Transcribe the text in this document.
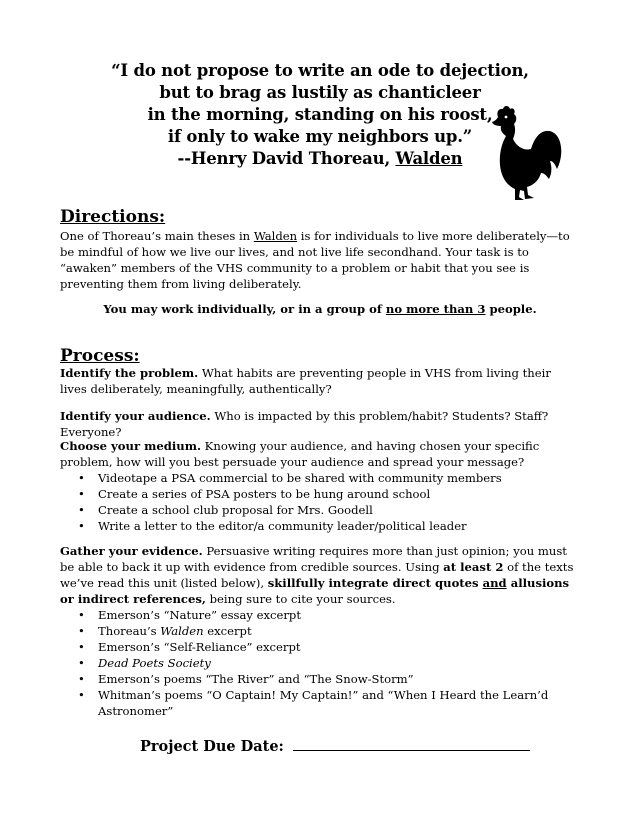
“I do not propose to write an ode to dejection,
but to brag as lustily as chanticleer
in the morning, standing on his roost,
if only to wake my neighbors up.”
--Henry David Thoreau, Walden
Directions:

One of Thoreau’s main theses in Walden is for individuals to live more deliberately—to be mindful of how we live our lives, and not live life secondhand. Your task is to “awaken” members of the VHS community to a problem or habit that you see is preventing them from living deliberately.

You may work individually, or in a group of no more than 3 people.
Process:

Identify the problem. What habits are preventing people in VHS from living their lives deliberately, meaningfully, authentically?

Identify your audience. Who is impacted by this problem/habit? Students? Staff? Everyone?

Choose your medium. Knowing your audience, and having chosen your specific problem, how will you best persuade your audience and spread your message?

• Videotape a PSA commercial to be shared with community members
• Create a series of PSA posters to be hung around school
• Create a school club proposal for Mrs. Goodell
• Write a letter to the editor/a community leader/political leader

Gather your evidence. Persuasive writing requires more than just opinion; you must be able to back it up with evidence from credible sources. Using at least 2 of the texts we’ve read this unit (listed below), skillfully integrate direct quotes and allusions or indirect references, being sure to cite your sources.

• Emerson’s “Nature” essay excerpt
• Thoreau’s Walden excerpt
• Emerson’s “Self-Reliance” excerpt
• Dead Poets Society
• Emerson’s poems “The River” and “The Snow-Storm”
• Whitman’s poems “O Captain! My Captain!” and “When I Heard the Learn’d Astronomer”
Project Due Date:
